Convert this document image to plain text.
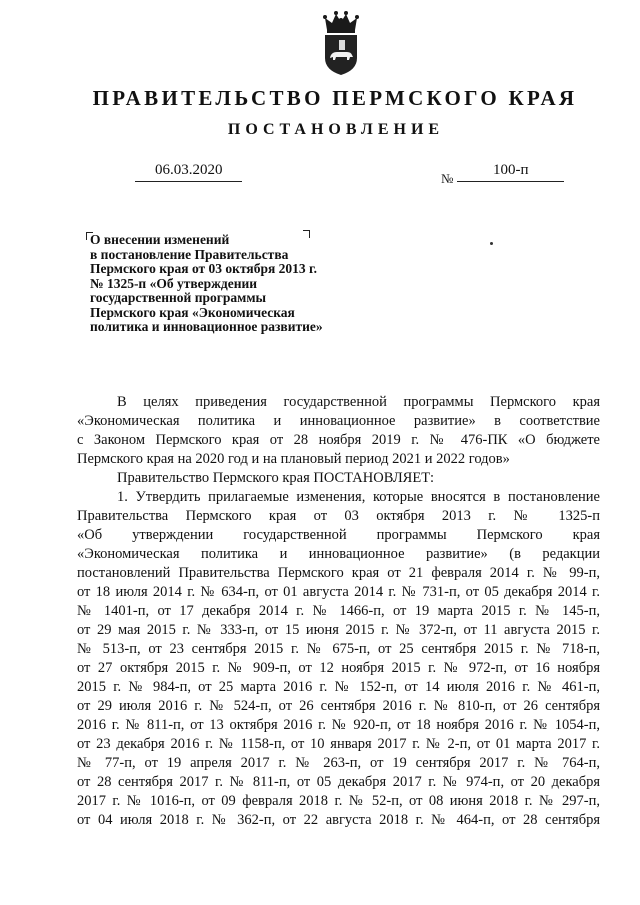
ПРАВИТЕЛЬСТВО ПЕРМСКОГО КРАЯ
ПОСТАНОВЛЕНИЕ
06.03.2020
№
100-п
О внесении изменений
в постановление Правительства
Пермского края от 03 октября 2013 г.
№ 1325-п «Об утверждении
государственной программы
Пермского края «Экономическая
политика и инновационное развитие»
В целях приведения государственной программы Пермского края
«Экономическая политика и инновационное развитие» в соответствие
с Законом Пермского края от 28 ноября 2019 г. № 476-ПК «О бюджете
Пермского края на 2020 год и на плановый период 2021 и 2022 годов»
Правительство Пермского края ПОСТАНОВЛЯЕТ:
1. Утвердить прилагаемые изменения, которые вносятся в постановление
Правительства Пермского края от 03 октября 2013 г. № 1325-п
«Об утверждении государственной программы Пермского края
«Экономическая политика и инновационное развитие» (в редакции
постановлений Правительства Пермского края от 21 февраля 2014 г. № 99-п,
от 18 июля 2014 г. № 634-п, от 01 августа 2014 г. № 731-п, от 05 декабря 2014 г.
№ 1401-п, от 17 декабря 2014 г. № 1466-п, от 19 марта 2015 г. № 145-п,
от 29 мая 2015 г. № 333-п, от 15 июня 2015 г. № 372-п, от 11 августа 2015 г.
№ 513-п, от 23 сентября 2015 г. № 675-п, от 25 сентября 2015 г. № 718-п,
от 27 октября 2015 г. № 909-п, от 12 ноября 2015 г. № 972-п, от 16 ноября
2015 г. № 984-п, от 25 марта 2016 г. № 152-п, от 14 июля 2016 г. № 461-п,
от 29 июля 2016 г. № 524-п, от 26 сентября 2016 г. № 810-п, от 26 сентября
2016 г. № 811-п, от 13 октября 2016 г. № 920-п, от 18 ноября 2016 г. № 1054-п,
от 23 декабря 2016 г. № 1158-п, от 10 января 2017 г. № 2-п, от 01 марта 2017 г.
№ 77-п, от 19 апреля 2017 г. № 263-п, от 19 сентября 2017 г. № 764-п,
от 28 сентября 2017 г. № 811-п, от 05 декабря 2017 г. № 974-п, от 20 декабря
2017 г. № 1016-п, от 09 февраля 2018 г. № 52-п, от 08 июня 2018 г. № 297-п,
от 04 июля 2018 г. № 362-п, от 22 августа 2018 г. № 464-п, от 28 сентября
